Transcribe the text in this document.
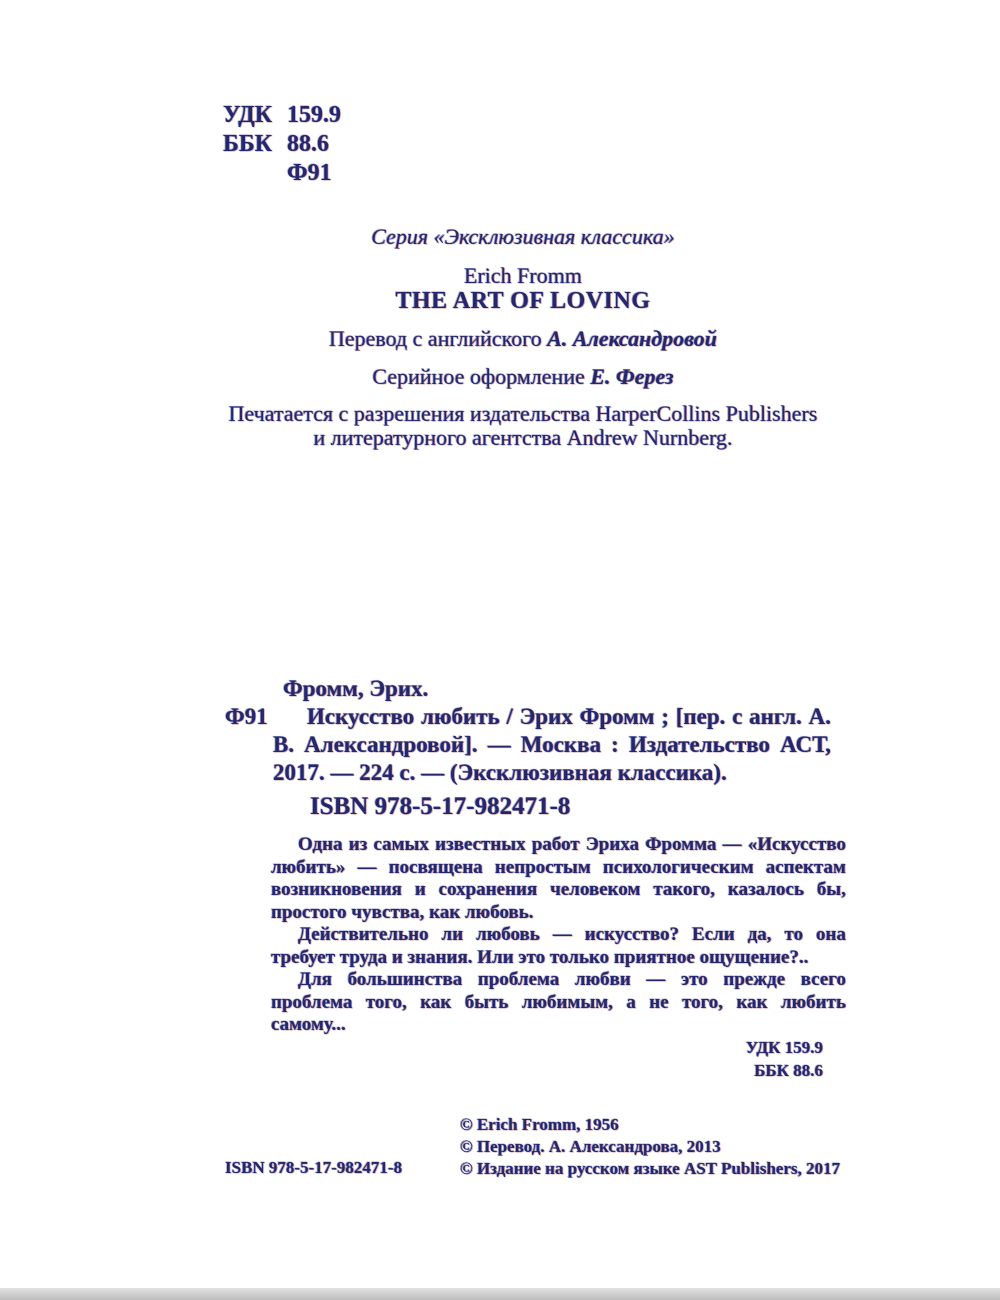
УДК 159.9
ББК 88.6
Ф91
Серия «Эксклюзивная классика»
Erich Fromm
THE ART OF LOVING
Перевод с английского А. Александровой
Серийное оформление Е. Ферез
Печатается с разрешения издательства HarperCollins Publishers и литературного агентства Andrew Nurnberg.
Фромм, Эрих.
Ф91	Искусство любить / Эрих Фромм ; [пер. с англ. А. В. Александровой]. — Москва : Издательство АСТ, 2017. — 224 с. — (Эксклюзивная классика).

ISBN 978-5-17-982471-8

Одна из самых известных работ Эриха Фромма — «Искусство любить» — посвящена непростым психологическим аспектам возникновения и сохранения человеком такого, казалось бы, простого чувства, как любовь.

Действительно ли любовь — искусство? Если да, то она требует труда и знания. Или это только приятное ощущение?..

Для большинства проблема любви — это прежде всего проблема того, как быть любимым, а не того, как любить самому...

УДК 159.9
ББК 88.6
© Erich Fromm, 1956
© Перевод. А. Александрова, 2013
© Издание на русском языке AST Publishers, 2017
ISBN 978-5-17-982471-8
